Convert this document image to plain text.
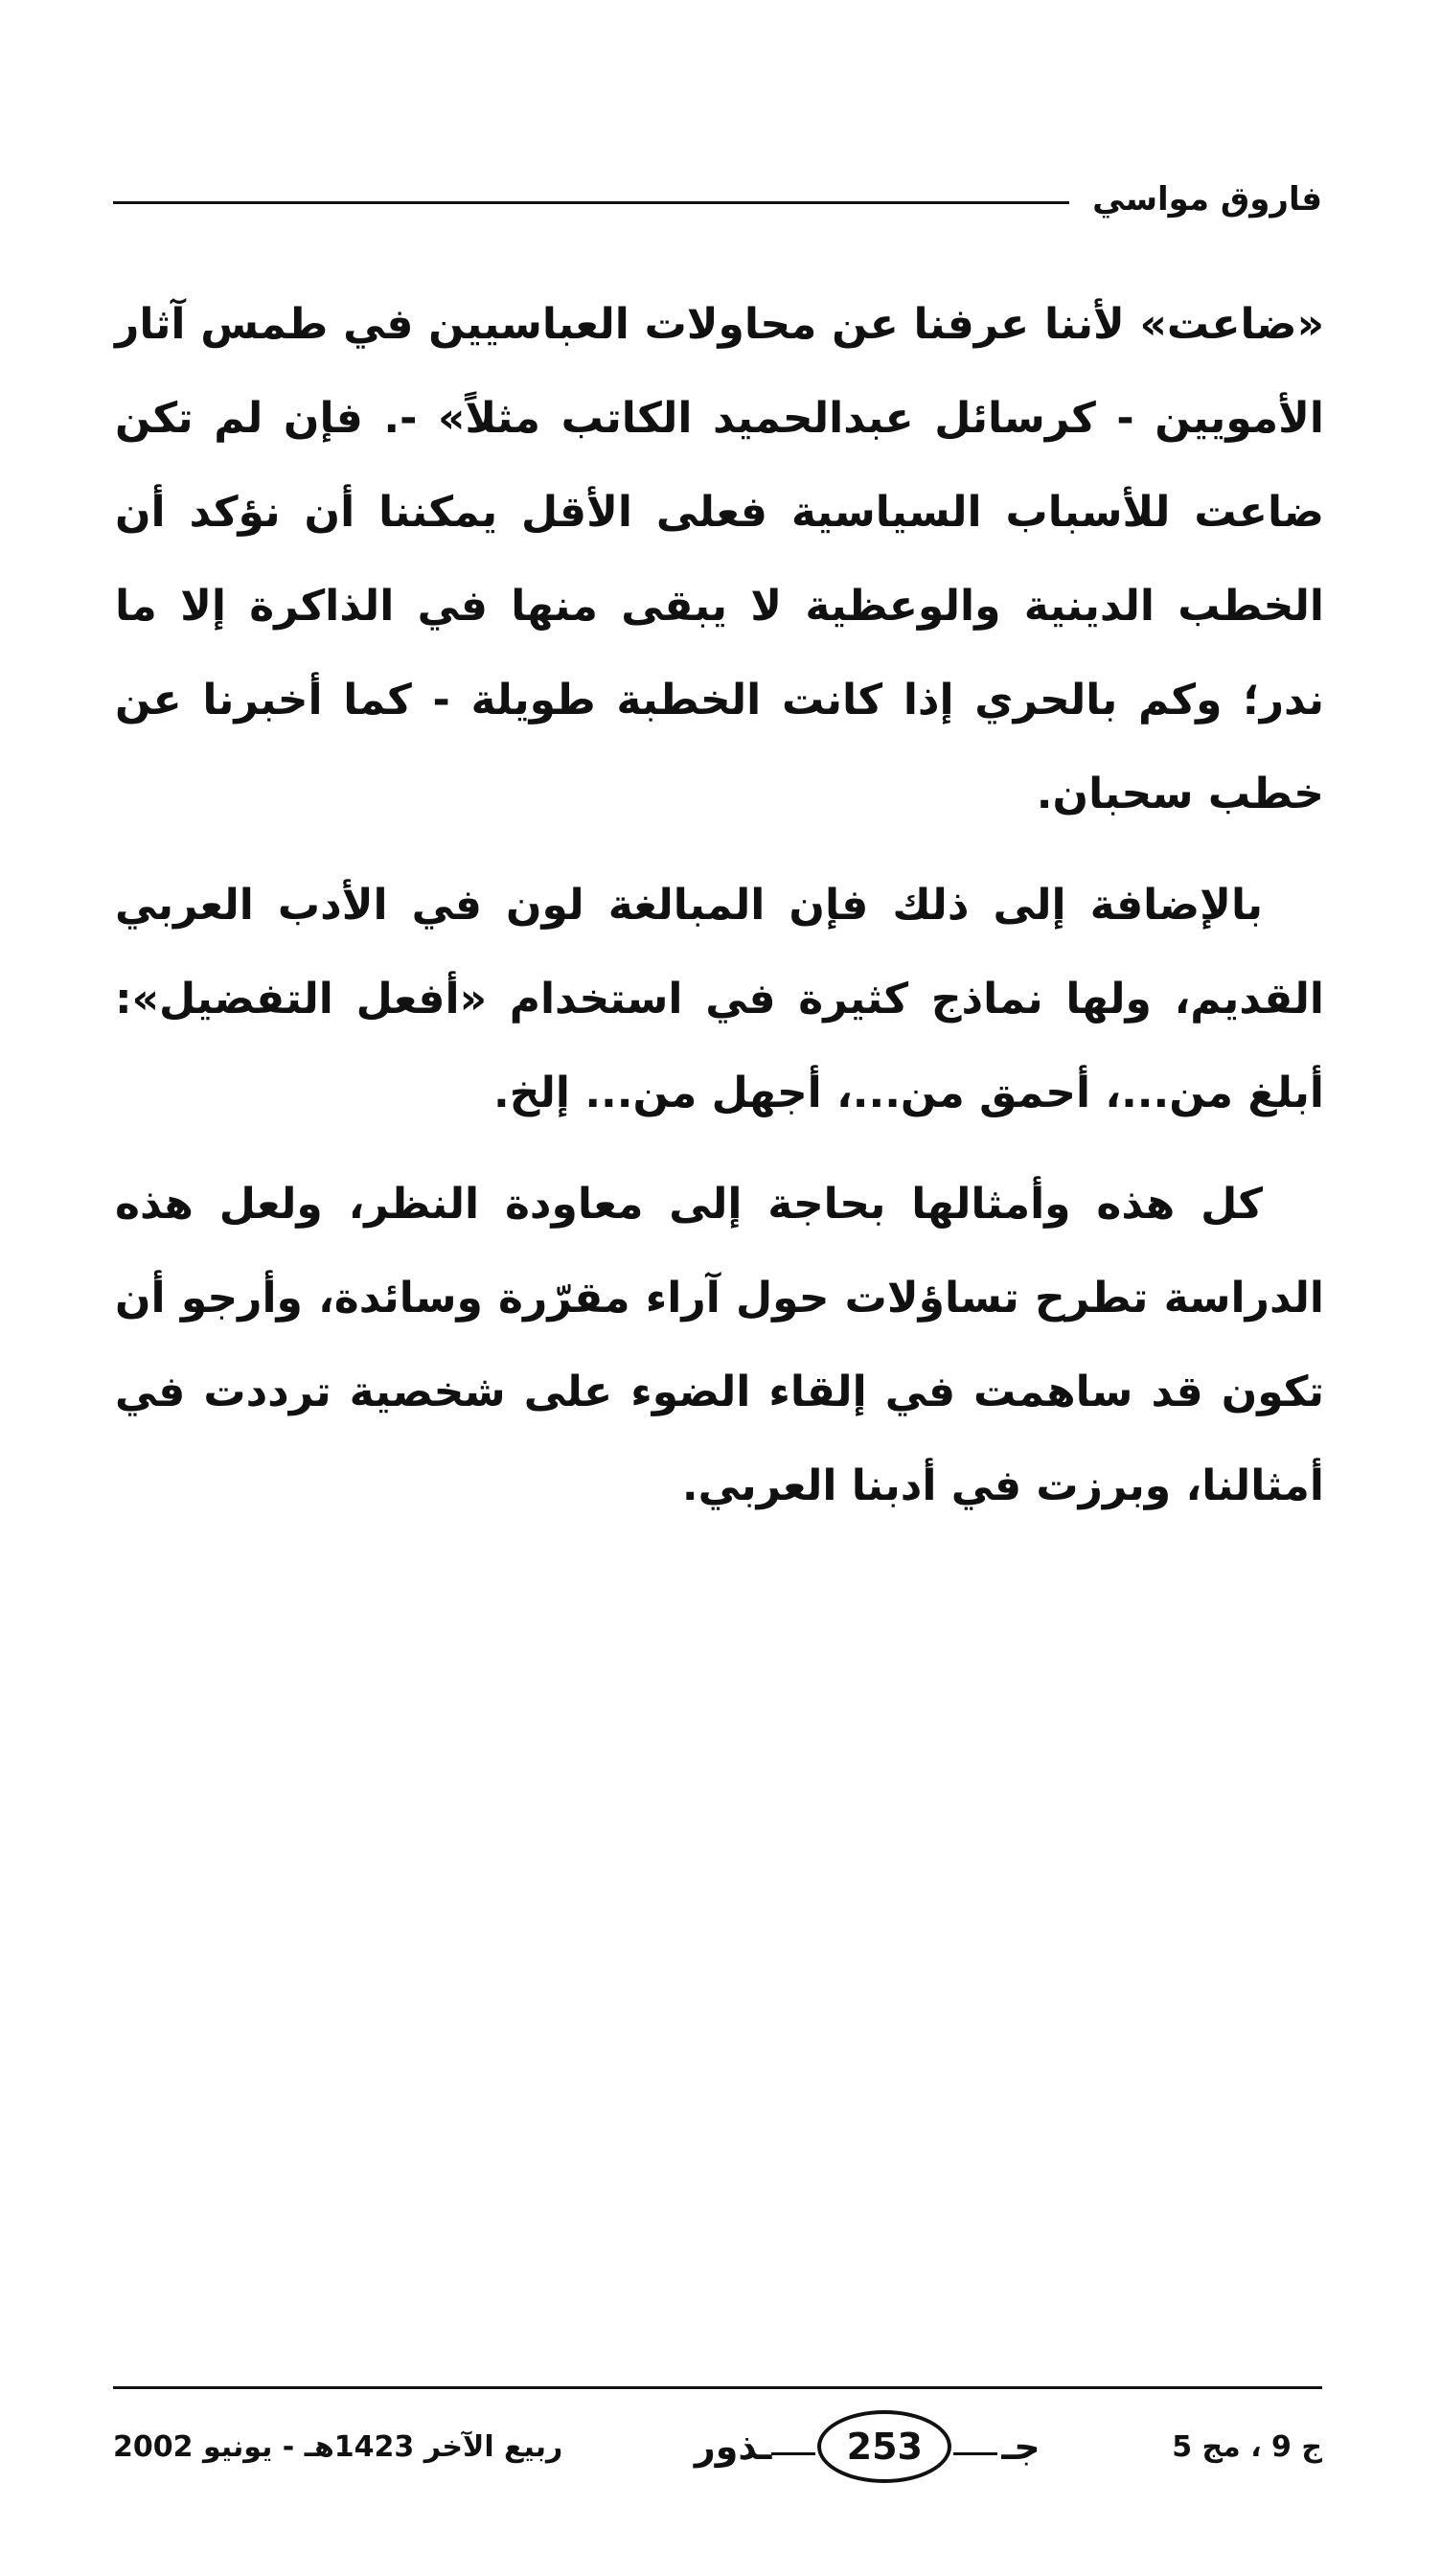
فاروق مواسي

«ضاعت» لأننا عرفنا عن محاولات العباسيين في طمس آثار الأمويين - كرسائل عبدالحميد الكاتب مثلاً» -. فإن لم تكن ضاعت للأسباب السياسية فعلى الأقل يمكننا أن نؤكد أن الخطب الدينية والوعظية لا يبقى منها في الذاكرة إلا ما ندر؛ وكم بالحري إذا كانت الخطبة طويلة - كما أخبرنا عن خطب سحبان.

بالإضافة إلى ذلك فإن المبالغة لون في الأدب العربي القديم، ولها نماذج كثيرة في استخدام «أفعل التفضيل»: أبلغ من...، أحمق من...، أجهل من... إلخ.

كل هذه وأمثالها بحاجة إلى معاودة النظر، ولعل هذه الدراسة تطرح تساؤلات حول آراء مقرّرة وسائدة، وأرجو أن تكون قد ساهمت في إلقاء الضوء على شخصية ترددت في أمثالنا، وبرزت في أدبنا العربي.

ج 9 ، مج 5
جـ
253
ـذور
ربيع الآخر 1423هـ - يونيو 2002
